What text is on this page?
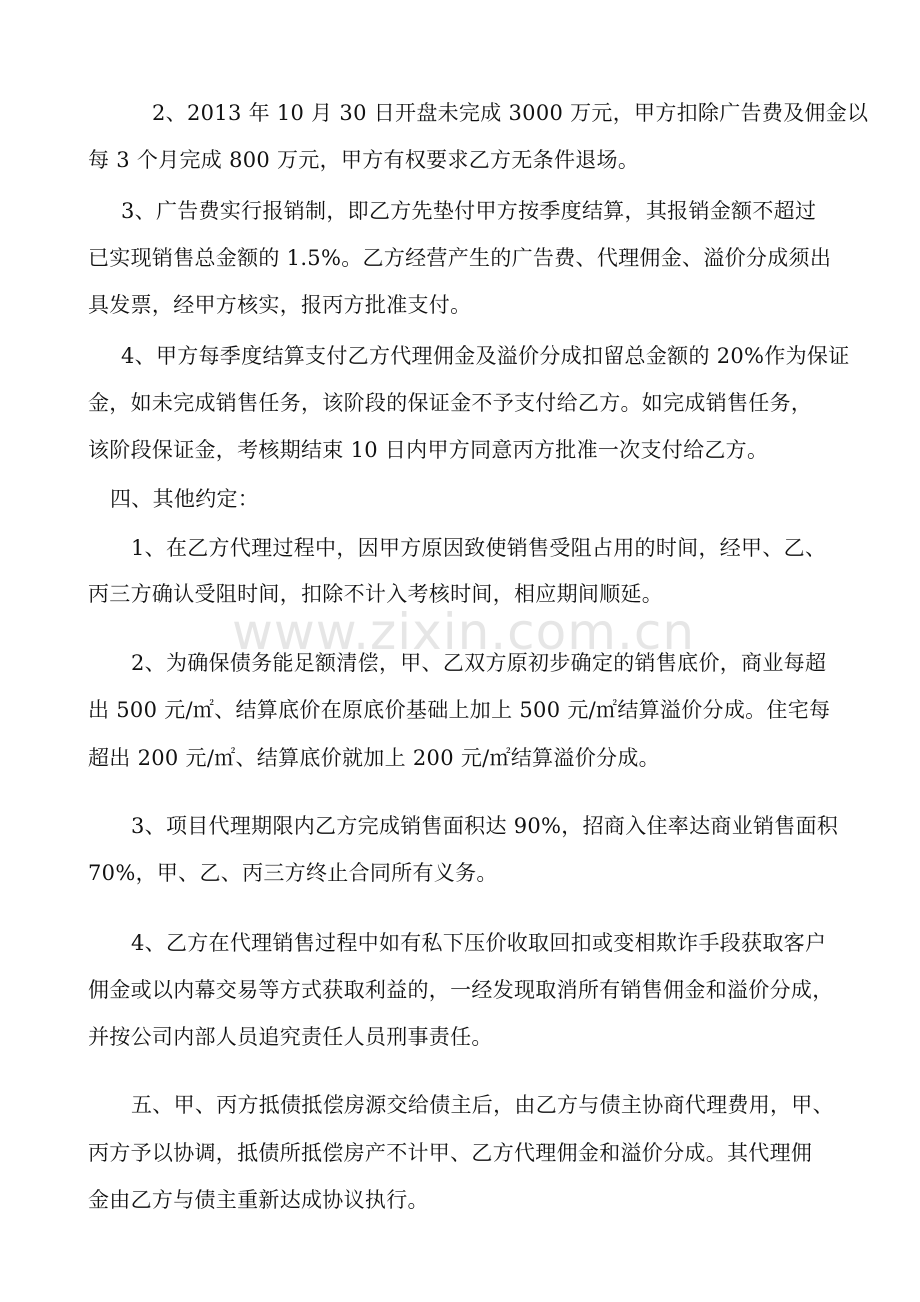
www.zixin.com.cn
2、2013 年 10 月 30 日开盘未完成 3000 万元，甲方扣除广告费及佣金以
每 3 个月完成 800 万元，甲方有权要求乙方无条件退场。
3、广告费实行报销制，即乙方先垫付甲方按季度结算，其报销金额不超过
已实现销售总金额的 1.5%。乙方经营产生的广告费、代理佣金、溢价分成须出
具发票，经甲方核实，报丙方批准支付。
4、甲方每季度结算支付乙方代理佣金及溢价分成扣留总金额的 20%作为保证
金，如未完成销售任务，该阶段的保证金不予支付给乙方。如完成销售任务，
该阶段保证金，考核期结束 10 日内甲方同意丙方批准一次支付给乙方。
四、其他约定：
1、在乙方代理过程中，因甲方原因致使销售受阻占用的时间，经甲、乙、
丙三方确认受阻时间，扣除不计入考核时间，相应期间顺延。
2、为确保债务能足额清偿，甲、乙双方原初步确定的销售底价，商业每超
出 500 元/㎡、结算底价在原底价基础上加上 500 元/㎡结算溢价分成。住宅每
超出 200 元/㎡、结算底价就加上 200 元/㎡结算溢价分成。
3、项目代理期限内乙方完成销售面积达 90%，招商入住率达商业销售面积
70%，甲、乙、丙三方终止合同所有义务。
4、乙方在代理销售过程中如有私下压价收取回扣或变相欺诈手段获取客户
佣金或以内幕交易等方式获取利益的，一经发现取消所有销售佣金和溢价分成，
并按公司内部人员追究责任人员刑事责任。
五、甲、丙方抵债抵偿房源交给债主后，由乙方与债主协商代理费用，甲、
丙方予以协调，抵债所抵偿房产不计甲、乙方代理佣金和溢价分成。其代理佣
金由乙方与债主重新达成协议执行。
